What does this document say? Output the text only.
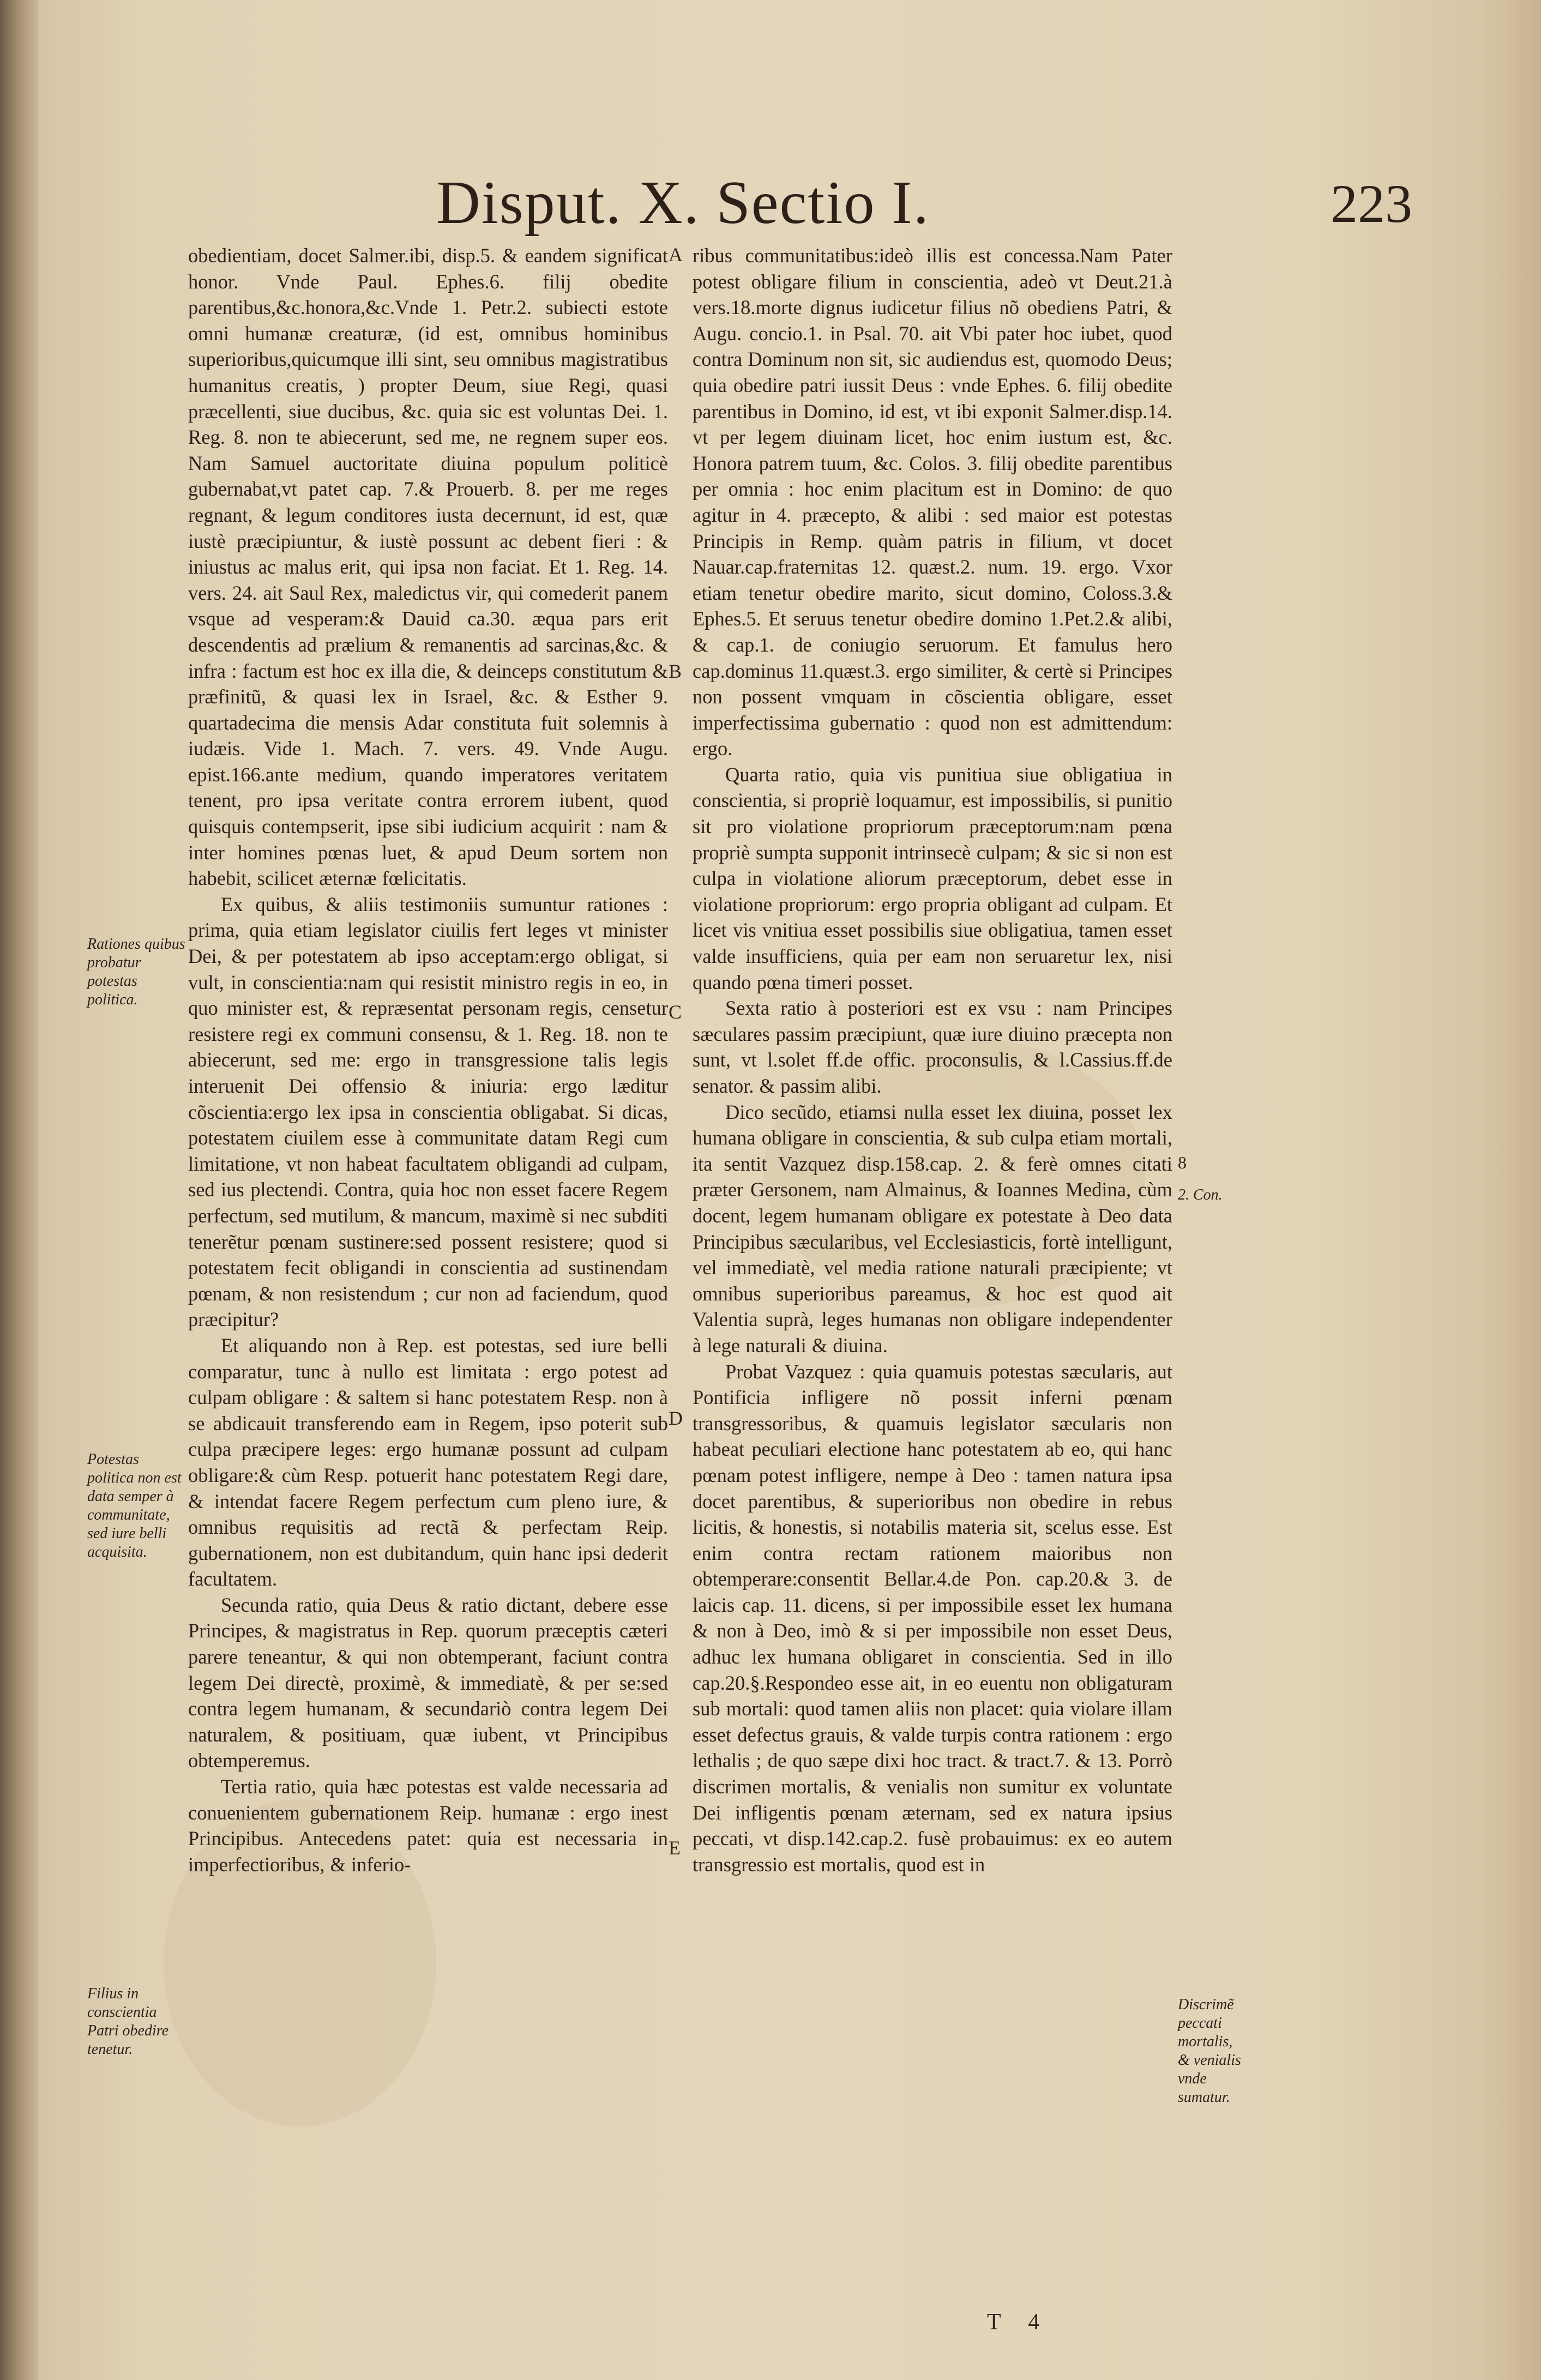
Disput. X. Sectio I.	223

obedientiam, docet Salmer.ibi, disp.5. & eandem significat honor. Vnde Paul. Ephes.6. filij obedite parentibus,&c.honora,&c.Vnde 1. Petr.2. subiecti estote omni humanæ creaturæ, (id est, omnibus hominibus superioribus,quicumque illi sint, seu omnibus magistratibus humanitus creatis, ) propter Deum, siue Regi, quasi præcellenti, siue ducibus, &c. quia sic est voluntas Dei. 1. Reg. 8. non te abiecerunt, sed me, ne regnem super eos. Nam Samuel auctoritate diuina populum politicè gubernabat,vt patet cap. 7.& Prouerb. 8. per me reges regnant, & legum conditores iusta decernunt, id est, quæ iustè præcipiuntur, & iustè possunt ac debent fieri : & iniustus ac malus erit, qui ipsa non faciat. Et 1. Reg. 14. vers. 24. ait Saul Rex, maledictus vir, qui comederit panem vsque ad vesperam:& Dauid ca.30. æqua pars erit descendentis ad prælium & remanentis ad sarcinas,&c. & infra : factum est hoc ex illa die, & deinceps constitutum & præfinitũ, & quasi lex in Israel, &c. & Esther 9. quartadecima die mensis Adar constituta fuit solemnis à iudæis. Vide 1. Mach. 7. vers. 49. Vnde Augu. epist.166.ante medium, quando imperatores veritatem tenent, pro ipsa veritate contra errorem iubent, quod quisquis contempserit, ipse sibi iudicium acquirit : nam & inter homines pœnas luet, & apud Deum sortem non habebit, scilicet æternæ fœlicitatis.

Ex quibus, & aliis testimoniis sumuntur rationes : prima, quia etiam legislator ciuilis fert leges vt minister Dei, & per potestatem ab ipso acceptam:ergo obligat, si vult, in conscientia:nam qui resistit ministro regis in eo, in quo minister est, & repræsentat personam regis, censetur resistere regi ex communi consensu, & 1. Reg. 18. non te abiecerunt, sed me: ergo in transgressione talis legis interuenit Dei offensio & iniuria: ergo læditur cõscientia:ergo lex ipsa in conscientia obligabat. Si dicas, potestatem ciuilem esse à communitate datam Regi cum limitatione, vt non habeat facultatem obligandi ad culpam, sed ius plectendi. Contra, quia hoc non esset facere Regem perfectum, sed mutilum, & mancum, maximè si nec subditi tenerẽtur pœnam sustinere:sed possent resistere; quod si potestatem fecit obligandi in conscientia ad sustinendam pœnam, & non resistendum ; cur non ad faciendum, quod præcipitur?

Et aliquando non à Rep. est potestas, sed iure belli comparatur, tunc à nullo est limitata : ergo potest ad culpam obligare : & saltem si hanc potestatem Resp. non à se abdicauit transferendo eam in Regem, ipso poterit sub culpa præcipere leges: ergo humanæ possunt ad culpam obligare:& cùm Resp. potuerit hanc potestatem Regi dare, & intendat facere Regem perfectum cum pleno iure, & omnibus requisitis ad rectã & perfectam Reip. gubernationem, non est dubitandum, quin hanc ipsi dederit facultatem.

Secunda ratio, quia Deus & ratio dictant, debere esse Principes, & magistratus in Rep. quorum præceptis cæteri parere teneantur, & qui non obtemperant, faciunt contra legem Dei directè, proximè, & immediatè, & per se:sed contra legem humanam, & secundariò contra legem Dei naturalem, & positiuam, quæ iubent, vt Principibus obtemperemus.

Tertia ratio, quia hæc potestas est valde necessaria ad conuenientem gubernationem Reip. humanæ : ergo inest Principibus. Antecedens patet: quia est necessaria in imperfectioribus, & inferio-

A
B
C
D
E

ribus communitatibus:ideò illis est concessa.Nam Pater potest obligare filium in conscientia, adeò vt Deut.21.à vers.18.morte dignus iudicetur filius nõ obediens Patri, & Augu. concio.1. in Psal. 70. ait Vbi pater hoc iubet, quod contra Dominum non sit, sic audiendus est, quomodo Deus; quia obedire patri iussit Deus : vnde Ephes. 6. filij obedite parentibus in Domino, id est, vt ibi exponit Salmer.disp.14. vt per legem diuinam licet, hoc enim iustum est, &c. Honora patrem tuum, &c. Colos. 3. filij obedite parentibus per omnia : hoc enim placitum est in Domino: de quo agitur in 4. præcepto, & alibi : sed maior est potestas Principis in Remp. quàm patris in filium, vt docet Nauar.cap.fraternitas 12. quæst.2. num. 19. ergo. Vxor etiam tenetur obedire marito, sicut domino, Coloss.3.& Ephes.5. Et seruus tenetur obedire domino 1.Pet.2.& alibi, & cap.1. de coniugio seruorum. Et famulus hero cap.dominus 11.quæst.3. ergo similiter, & certè si Principes non possent vmquam in cõscientia obligare, esset imperfectissima gubernatio : quod non est admittendum: ergo.

Quarta ratio, quia vis punitiua siue obligatiua in conscientia, si propriè loquamur, est impossibilis, si punitio sit pro violatione propriorum præceptorum:nam pœna propriè sumpta supponit intrinsecè culpam; & sic si non est culpa in violatione aliorum præceptorum, debet esse in violatione propriorum: ergo propria obligant ad culpam. Et licet vis vnitiua esset possibilis siue obligatiua, tamen esset valde insufficiens, quia per eam non seruaretur lex, nisi quando pœna timeri posset.

Sexta ratio à posteriori est ex vsu : nam Principes sæculares passim præcipiunt, quæ iure diuino præcepta non sunt, vt l.solet ff.de offic. proconsulis, & l.Cassius.ff.de senator. & passim alibi.

Dico secũdo, etiamsi nulla esset lex diuina, posset lex humana obligare in conscientia, & sub culpa etiam mortali, ita sentit Vazquez disp.158.cap. 2. & ferè omnes citati præter Gersonem, nam Almainus, & Ioannes Medina, cùm docent, legem humanam obligare ex potestate à Deo data Principibus sæcularibus, vel Ecclesiasticis, fortè intelligunt, vel immediatè, vel media ratione naturali præcipiente; vt omnibus superioribus pareamus, & hoc est quod ait Valentia suprà, leges humanas non obligare independenter à lege naturali & diuina.

Probat Vazquez : quia quamuis potestas sæcularis, aut Pontificia infligere nõ possit inferni pœnam transgressoribus, & quamuis legislator sæcularis non habeat peculiari electione hanc potestatem ab eo, qui hanc pœnam potest infligere, nempe à Deo : tamen natura ipsa docet parentibus, & superioribus non obedire in rebus licitis, & honestis, si notabilis materia sit, scelus esse. Est enim contra rectam rationem maioribus non obtemperare:consentit Bellar.4.de Pon. cap.20.& 3. de laicis cap. 11. dicens, si per impossibile esset lex humana & non à Deo, imò & si per impossibile non esset Deus, adhuc lex humana obligaret in conscientia. Sed in illo cap.20.§.Respondeo esse ait, in eo euentu non obligaturam sub mortali: quod tamen aliis non placet: quia violare illam esset defectus grauis, & valde turpis contra rationem : ergo lethalis ; de quo sæpe dixi hoc tract. & tract.7. & 13. Porrò discrimen mortalis, & venialis non sumitur ex voluntate Dei infligentis pœnam æternam, sed ex natura ipsius peccati, vt disp.142.cap.2. fusè probauimus: ex eo autem transgressio est mortalis, quod est in

Rationes quibus probatur potestas politica.
Potestas politica non est data semper à communitate, sed iure belli acquisita.
Filius in conscientia Patri obedire tenetur.
8
2. Con.
Discrimẽ peccati mortalis, & venialis vnde sumatur.
T 4
